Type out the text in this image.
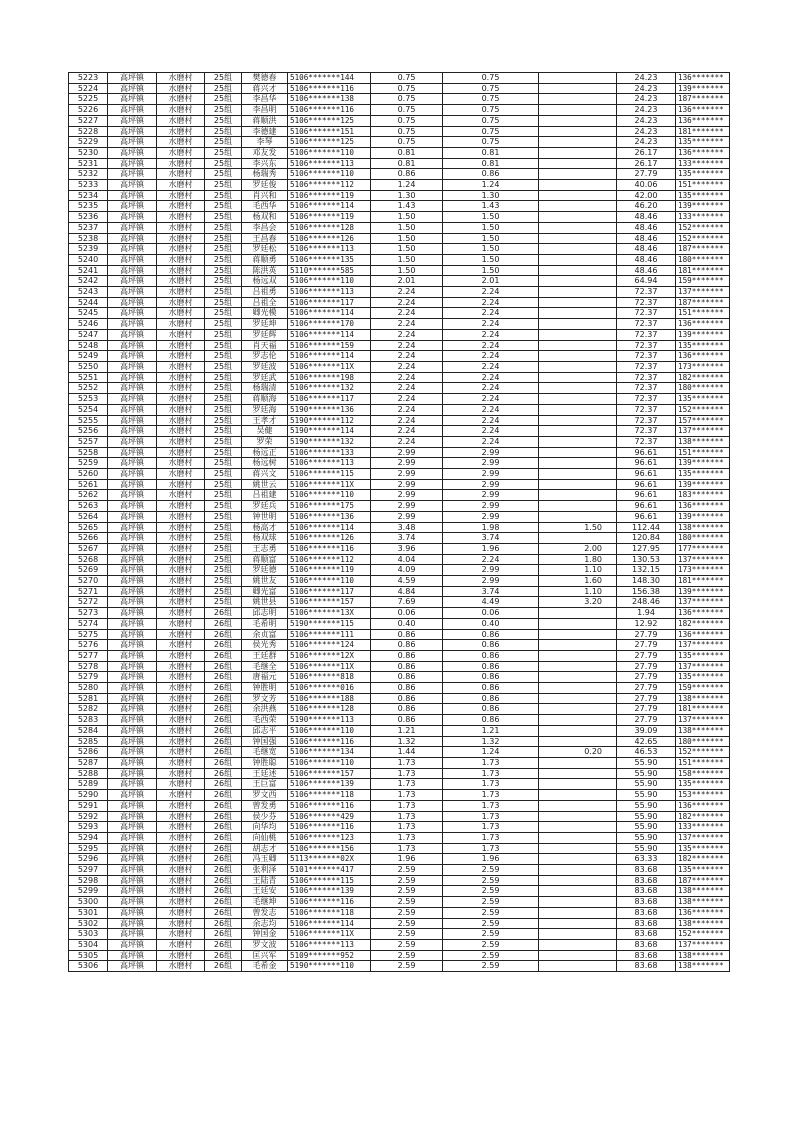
5223	高坪镇	水磨村	25组	樊德春	5106*******144	0.75	0.75		24.23	136*******
5224	高坪镇	水磨村	25组	蒋兴才	5106*******116	0.75	0.75		24.23	139*******
5225	高坪镇	水磨村	25组	李昌华	5106*******138	0.75	0.75		24.23	187*******
5226	高坪镇	水磨村	25组	李昌明	5106*******116	0.75	0.75		24.23	136*******
5227	高坪镇	水磨村	25组	蒋顺洪	5106*******125	0.75	0.75		24.23	136*******
5228	高坪镇	水磨村	25组	李德建	5106*******151	0.75	0.75		24.23	181*******
5229	高坪镇	水磨村	25组	李琴	5106*******125	0.75	0.75		24.23	135*******
5230	高坪镇	水磨村	25组	邓友发	5106*******110	0.81	0.81		26.17	136*******
5231	高坪镇	水磨村	25组	李兴东	5106*******113	0.81	0.81		26.17	133*******
5232	高坪镇	水磨村	25组	杨瑞秀	5106*******110	0.86	0.86		27.79	135*******
5233	高坪镇	水磨村	25组	罗廷俊	5106*******112	1.24	1.24		40.06	151*******
5234	高坪镇	水磨村	25组	肖兴和	5106*******119	1.30	1.30		42.00	135*******
5235	高坪镇	水磨村	25组	毛西华	5106*******114	1.43	1.43		46.20	139*******
5236	高坪镇	水磨村	25组	杨双和	5106*******119	1.50	1.50		48.46	133*******
5237	高坪镇	水磨村	25组	李昌会	5106*******128	1.50	1.50		48.46	152*******
5238	高坪镇	水磨村	25组	王昌春	5106*******126	1.50	1.50		48.46	152*******
5239	高坪镇	水磨村	25组	罗廷松	5106*******113	1.50	1.50		48.46	187*******
5240	高坪镇	水磨村	25组	蒋顺勇	5106*******135	1.50	1.50		48.46	180*******
5241	高坪镇	水磨村	25组	陈洪英	5110*******585	1.50	1.50		48.46	181*******
5242	高坪镇	水磨村	25组	杨远双	5106*******110	2.01	2.01		64.94	159*******
5243	高坪镇	水磨村	25组	吕祖勇	5106*******113	2.24	2.24		72.37	137*******
5244	高坪镇	水磨村	25组	吕祖全	5106*******117	2.24	2.24		72.37	187*******
5245	高坪镇	水磨村	25组	卿光模	5106*******114	2.24	2.24		72.37	151*******
5246	高坪镇	水磨村	25组	罗廷坤	5106*******170	2.24	2.24		72.37	136*******
5247	高坪镇	水磨村	25组	罗廷辉	5106*******114	2.24	2.24		72.37	139*******
5248	高坪镇	水磨村	25组	肖天福	5106*******159	2.24	2.24		72.37	135*******
5249	高坪镇	水磨村	25组	罗志伦	5106*******114	2.24	2.24		72.37	136*******
5250	高坪镇	水磨村	25组	罗廷波	5106*******11X	2.24	2.24		72.37	173*******
5251	高坪镇	水磨村	25组	罗廷武	5106*******198	2.24	2.24		72.37	182*******
5252	高坪镇	水磨村	25组	杨瑞清	5106*******132	2.24	2.24		72.37	180*******
5253	高坪镇	水磨村	25组	蒋顺海	5106*******117	2.24	2.24		72.37	135*******
5254	高坪镇	水磨村	25组	罗廷海	5190*******136	2.24	2.24		72.37	152*******
5255	高坪镇	水磨村	25组	王孝才	5190*******112	2.24	2.24		72.37	157*******
5256	高坪镇	水磨村	25组	吴健	5190*******114	2.24	2.24		72.37	137*******
5257	高坪镇	水磨村	25组	罗荣	5190*******132	2.24	2.24		72.37	138*******
5258	高坪镇	水磨村	25组	杨远正	5106*******133	2.99	2.99		96.61	151*******
5259	高坪镇	水磨村	25组	杨远树	5106*******113	2.99	2.99		96.61	139*******
5260	高坪镇	水磨村	25组	蒋兴文	5106*******115	2.99	2.99		96.61	135*******
5261	高坪镇	水磨村	25组	姚世云	5106*******11X	2.99	2.99		96.61	139*******
5262	高坪镇	水磨村	25组	吕祖建	5106*******110	2.99	2.99		96.61	183*******
5263	高坪镇	水磨村	25组	罗廷兵	5106*******175	2.99	2.99		96.61	136*******
5264	高坪镇	水磨村	25组	钟世明	5106*******136	2.99	2.99		96.61	139*******
5265	高坪镇	水磨村	25组	杨高才	5106*******114	3.48	1.98	1.50	112.44	138*******
5266	高坪镇	水磨村	25组	杨双球	5106*******126	3.74	3.74		120.84	180*******
5267	高坪镇	水磨村	25组	王志勇	5106*******116	3.96	1.96	2.00	127.95	177*******
5268	高坪镇	水磨村	25组	蒋顺富	5106*******112	4.04	2.24	1.80	130.53	137*******
5269	高坪镇	水磨村	25组	罗廷德	5106*******119	4.09	2.99	1.10	132.15	173*******
5270	高坪镇	水磨村	25组	姚世友	5106*******110	4.59	2.99	1.60	148.30	181*******
5271	高坪镇	水磨村	25组	卿光富	5106*******117	4.84	3.74	1.10	156.38	139*******
5272	高坪镇	水磨村	25组	姚世县	5106*******157	7.69	4.49	3.20	248.46	137*******
5273	高坪镇	水磨村	26组	邱志明	5106*******13X	0.06	0.06		1.94	136*******
5274	高坪镇	水磨村	26组	毛希明	5190*******115	0.40	0.40		12.92	182*******
5275	高坪镇	水磨村	26组	余贞富	5106*******111	0.86	0.86		27.79	136*******
5276	高坪镇	水磨村	26组	侯光秀	5106*******124	0.86	0.86		27.79	137*******
5277	高坪镇	水磨村	26组	王廷群	5106*******12X	0.86	0.86		27.79	135*******
5278	高坪镇	水磨村	26组	毛继全	5106*******11X	0.86	0.86		27.79	137*******
5279	高坪镇	水磨村	26组	唐福元	5106*******818	0.86	0.86		27.79	135*******
5280	高坪镇	水磨村	26组	钟胜明	5106*******016	0.86	0.86		27.79	159*******
5281	高坪镇	水磨村	26组	罗文芳	5106*******188	0.86	0.86		27.79	138*******
5282	高坪镇	水磨村	26组	余洪燕	5106*******128	0.86	0.86		27.79	181*******
5283	高坪镇	水磨村	26组	毛西荣	5190*******113	0.86	0.86		27.79	137*******
5284	高坪镇	水磨村	26组	邱志平	5106*******110	1.21	1.21		39.09	138*******
5285	高坪镇	水磨村	26组	钟国强	5106*******116	1.32	1.32		42.65	180*******
5286	高坪镇	水磨村	26组	毛继宽	5106*******134	1.44	1.24	0.20	46.53	152*******
5287	高坪镇	水磨村	26组	钟胜聪	5106*******110	1.73	1.73		55.90	151*******
5288	高坪镇	水磨村	26组	王廷述	5106*******157	1.73	1.73		55.90	158*******
5289	高坪镇	水磨村	26组	王巨富	5106*******139	1.73	1.73		55.90	135*******
5290	高坪镇	水磨村	26组	罗文西	5106*******118	1.73	1.73		55.90	153*******
5291	高坪镇	水磨村	26组	曾发勇	5106*******116	1.73	1.73		55.90	136*******
5292	高坪镇	水磨村	26组	侯少芬	5106*******429	1.73	1.73		55.90	182*******
5293	高坪镇	水磨村	26组	向华均	5106*******116	1.73	1.73		55.90	133*******
5294	高坪镇	水磨村	26组	向仙桃	5106*******123	1.73	1.73		55.90	137*******
5295	高坪镇	水磨村	26组	胡志才	5106*******156	1.73	1.73		55.90	135*******
5296	高坪镇	水磨村	26组	冯玉卿	5113*******02X	1.96	1.96		63.33	182*******
5297	高坪镇	水磨村	26组	张利泽	5101*******417	2.59	2.59		83.68	135*******
5298	高坪镇	水磨村	26组	王陆青	5106*******115	2.59	2.59		83.68	187*******
5299	高坪镇	水磨村	26组	王廷安	5106*******139	2.59	2.59		83.68	138*******
5300	高坪镇	水磨村	26组	毛继坤	5106*******116	2.59	2.59		83.68	138*******
5301	高坪镇	水磨村	26组	曾发志	5106*******118	2.59	2.59		83.68	136*******
5302	高坪镇	水磨村	26组	余志均	5106*******114	2.59	2.59		83.68	138*******
5303	高坪镇	水磨村	26组	钟国金	5106*******11X	2.59	2.59		83.68	152*******
5304	高坪镇	水磨村	26组	罗文波	5106*******113	2.59	2.59		83.68	137*******
5305	高坪镇	水磨村	26组	匡兴军	5109*******952	2.59	2.59		83.68	138*******
5306	高坪镇	水磨村	26组	毛希金	5190*******110	2.59	2.59		83.68	138*******
